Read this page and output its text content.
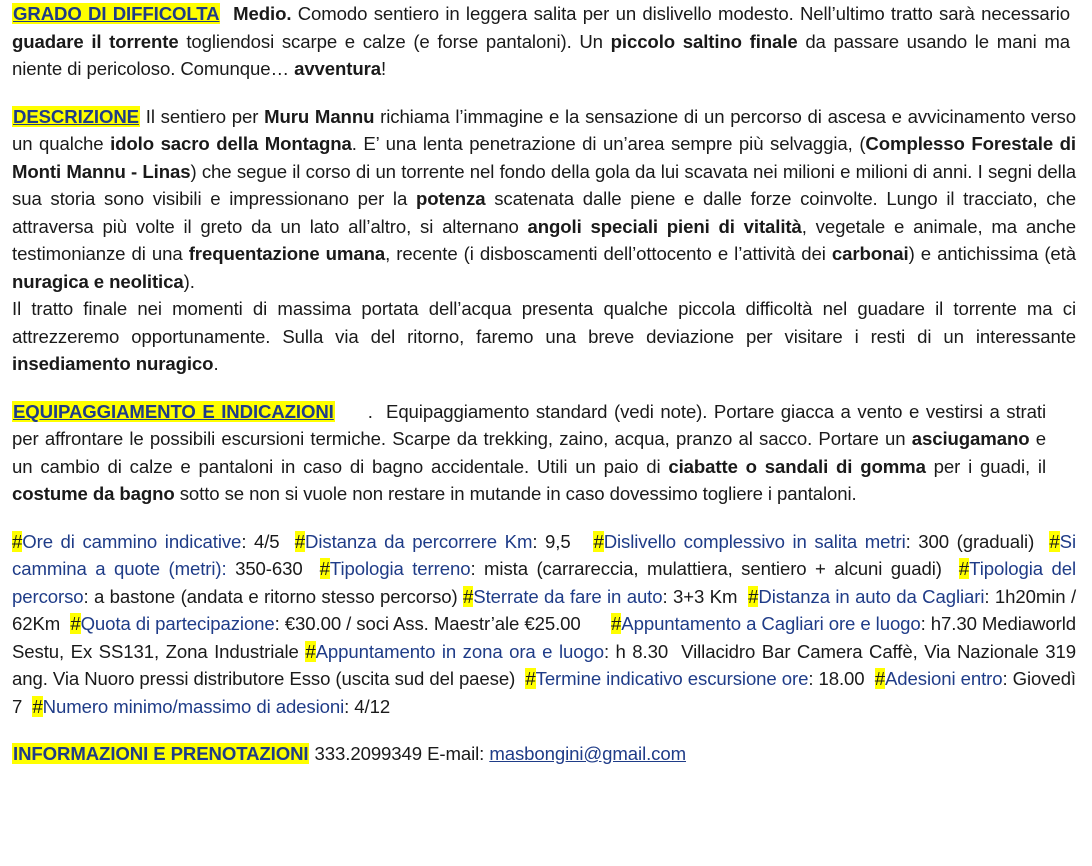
GRADO DI DIFFICOLTA Medio. Comodo sentiero in leggera salita per un dislivello modesto. Nell’ultimo tratto sarà necessario guadare il torrente togliendosi scarpe e calze (e forse pantaloni). Un piccolo saltino finale da passare usando le mani ma niente di pericoloso. Comunque… avventura!

DESCRIZIONE Il sentiero per Muru Mannu richiama l’immagine e la sensazione di un percorso di ascesa e avvicinamento verso un qualche idolo sacro della Montagna. E’ una lenta penetrazione di un’area sempre più selvaggia, (Complesso Forestale di Monti Mannu - Linas) che segue il corso di un torrente nel fondo della gola da lui scavata nei milioni e milioni di anni. I segni della sua storia sono visibili e impressionano per la potenza scatenata dalle piene e dalle forze coinvolte. Lungo il tracciato, che attraversa più volte il greto da un lato all’altro, si alternano angoli speciali pieni di vitalità, vegetale e animale, ma anche testimonianze di una frequentazione umana, recente (i disboscamenti dell’ottocento e l’attività dei carbonai) e antichissima (età nuragica e neolitica).

Il tratto finale nei momenti di massima portata dell’acqua presenta qualche piccola difficoltà nel guadare il torrente ma ci attrezzeremo opportunamente. Sulla via del ritorno, faremo una breve deviazione per visitare i resti di un interessante insediamento nuragico.

EQUIPAGGIAMENTO E INDICAZIONI     .  Equipaggiamento standard (vedi note). Portare giacca a vento e vestirsi a strati per affrontare le possibili escursioni termiche. Scarpe da trekking, zaino, acqua, pranzo al sacco. Portare un asciugamano e un cambio di calze e pantaloni in caso di bagno accidentale. Utili un paio di ciabatte o sandali di gomma per i guadi, il costume da bagno sotto se non si vuole non restare in mutande in caso dovessimo togliere i pantaloni.

#Ore di cammino indicative: 4/5  #Distanza da percorrere Km: 9,5   #Dislivello complessivo in salita metri: 300 (graduali)  #Si cammina a quote (metri): 350-630  #Tipologia terreno: mista (carrareccia, mulattiera, sentiero + alcuni guadi)  #Tipologia del percorso: a bastone (andata e ritorno stesso percorso) #Sterrate da fare in auto: 3+3 Km  #Distanza in auto da Cagliari: 1h20min / 62Km  #Quota di partecipazione: €30.00 / soci Ass. Maestr’ale €25.00      #Appuntamento a Cagliari ore e luogo: h7.30 Mediaworld Sestu, Ex SS131, Zona Industriale #Appuntamento in zona ora e luogo: h 8.30  Villacidro Bar Camera Caffè, Via Nazionale 319 ang. Via Nuoro pressi distributore Esso (uscita sud del paese)  #Termine indicativo escursione ore: 18.00  #Adesioni entro: Giovedì 7  #Numero minimo/massimo di adesioni: 4/12

INFORMAZIONI E PRENOTAZIONI 333.2099349 E-mail: masbongini@gmail.com
